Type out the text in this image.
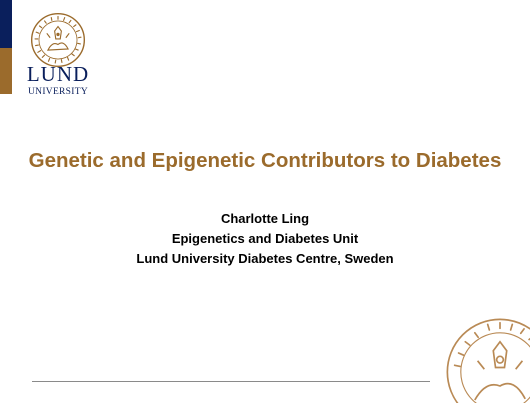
LUND
UNIVERSITY
Genetic and Epigenetic Contributors to Diabetes
Charlotte Ling
Epigenetics and Diabetes Unit
Lund University Diabetes Centre, Sweden
